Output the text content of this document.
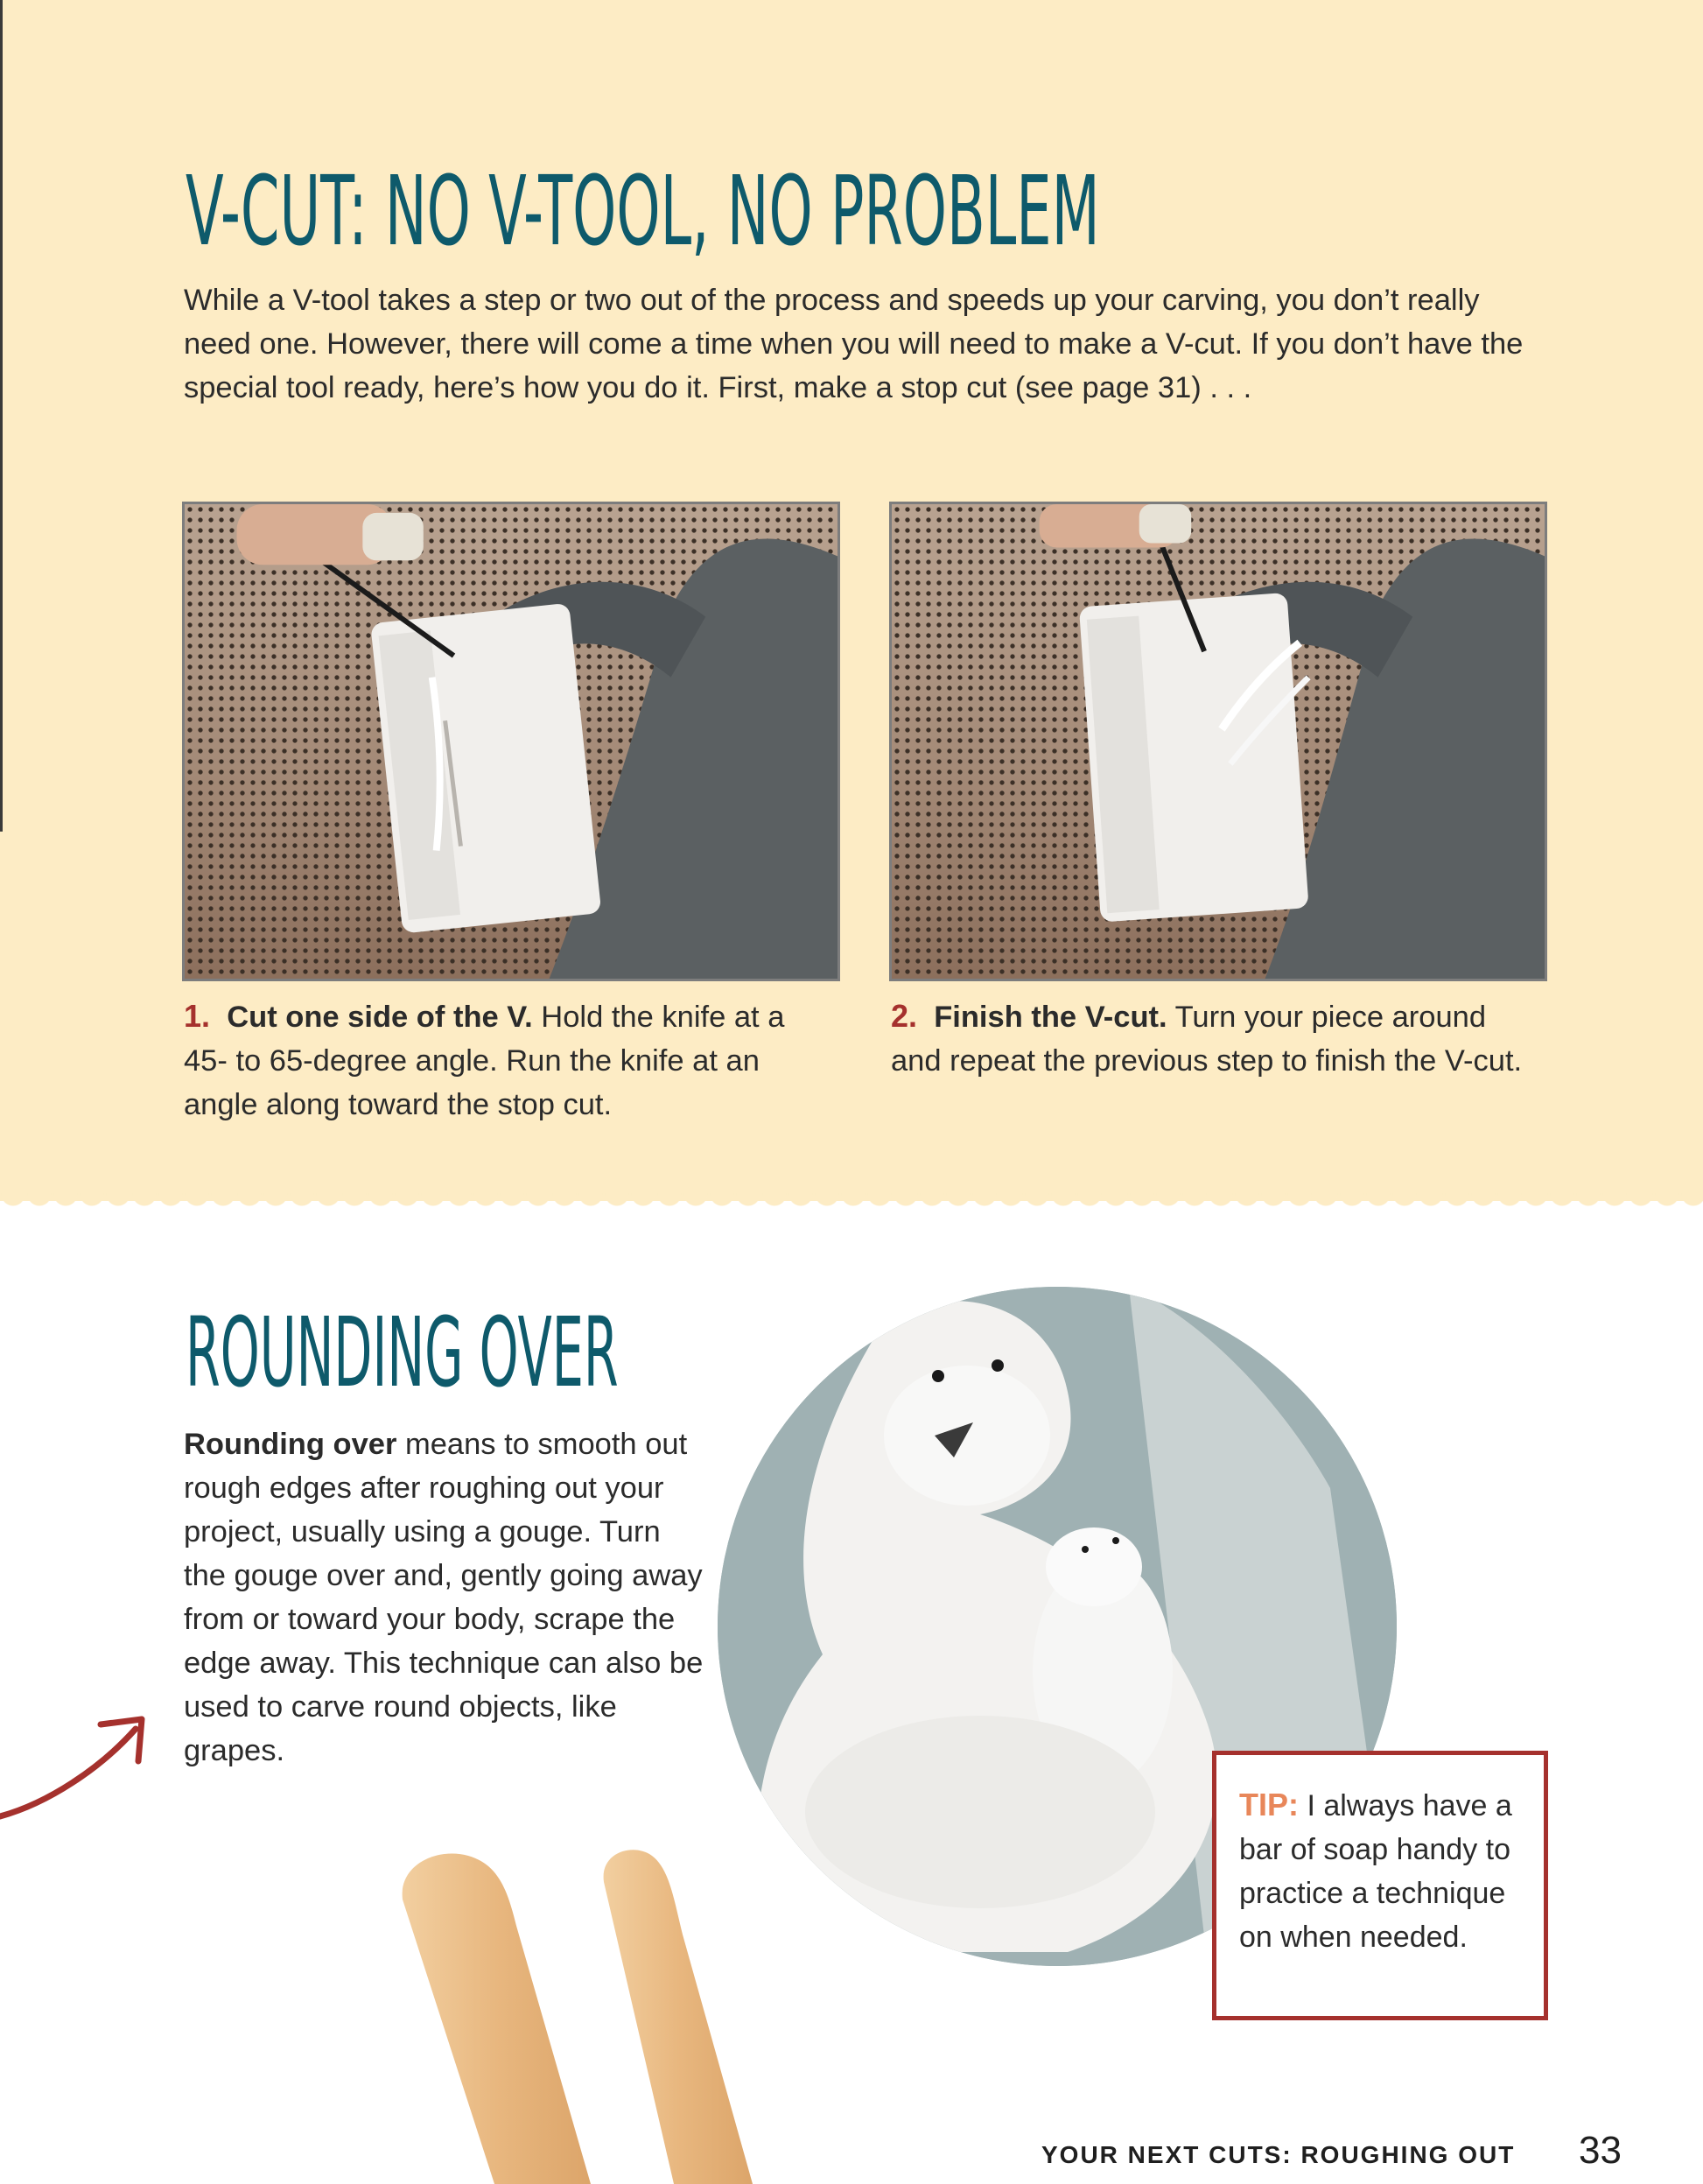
V-CUT: NO V-TOOL, NO PROBLEM

While a V-tool takes a step or two out of the process and speeds up your carving, you don’t really need one. However, there will come a time when you will need to make a V-cut. If you don’t have the special tool ready, here’s how you do it. First, make a stop cut (see page 31) . . .

1. Cut one side of the V. Hold the knife at a 45- to 65-degree angle. Run the knife at an angle along toward the stop cut.

2. Finish the V-cut. Turn your piece around and repeat the previous step to finish the V-cut.

ROUNDING OVER

Rounding over means to smooth out rough edges after roughing out your project, usually using a gouge. Turn the gouge over and, gently going away from or toward your body, scrape the edge away. This technique can also be used to carve round objects, like grapes.

TIP: I always have a bar of soap handy to practice a technique on when needed.

YOUR NEXT CUTS: ROUGHING OUT 33
